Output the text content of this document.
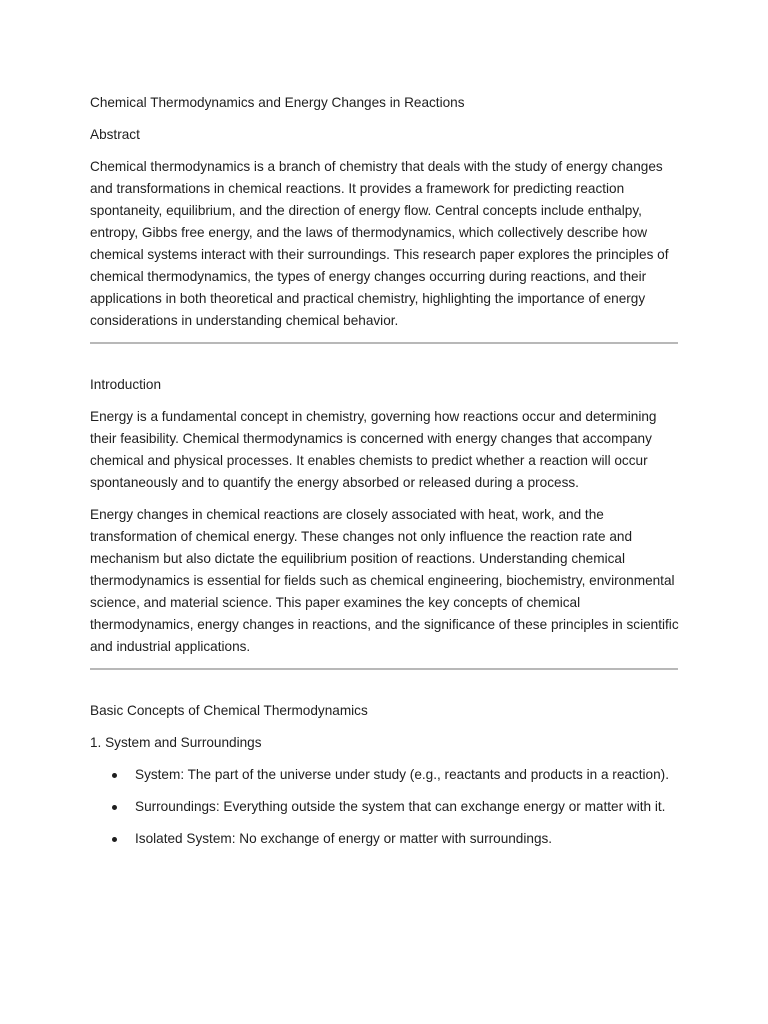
Chemical Thermodynamics and Energy Changes in Reactions

Abstract

Chemical thermodynamics is a branch of chemistry that deals with the study of energy changes and transformations in chemical reactions. It provides a framework for predicting reaction spontaneity, equilibrium, and the direction of energy flow. Central concepts include enthalpy, entropy, Gibbs free energy, and the laws of thermodynamics, which collectively describe how chemical systems interact with their surroundings. This research paper explores the principles of chemical thermodynamics, the types of energy changes occurring during reactions, and their applications in both theoretical and practical chemistry, highlighting the importance of energy considerations in understanding chemical behavior.

Introduction

Energy is a fundamental concept in chemistry, governing how reactions occur and determining their feasibility. Chemical thermodynamics is concerned with energy changes that accompany chemical and physical processes. It enables chemists to predict whether a reaction will occur spontaneously and to quantify the energy absorbed or released during a process.

Energy changes in chemical reactions are closely associated with heat, work, and the transformation of chemical energy. These changes not only influence the reaction rate and mechanism but also dictate the equilibrium position of reactions. Understanding chemical thermodynamics is essential for fields such as chemical engineering, biochemistry, environmental science, and material science. This paper examines the key concepts of chemical thermodynamics, energy changes in reactions, and the significance of these principles in scientific and industrial applications.

Basic Concepts of Chemical Thermodynamics

1. System and Surroundings

System: The part of the universe under study (e.g., reactants and products in a reaction).
Surroundings: Everything outside the system that can exchange energy or matter with it.
Isolated System: No exchange of energy or matter with surroundings.
